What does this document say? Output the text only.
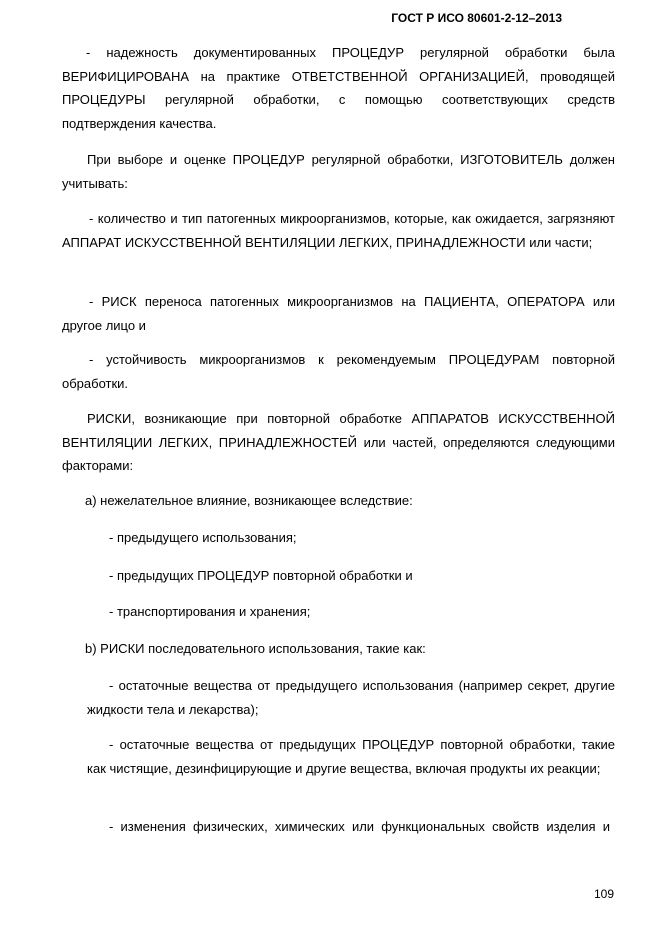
ГОСТ Р ИСО 80601-2-12–2013
- надежность документированных ПРОЦЕДУР регулярной обработки была ВЕРИФИЦИРОВАНА на практике ОТВЕТСТВЕННОЙ ОРГАНИЗАЦИЕЙ, проводящей ПРОЦЕДУРЫ регулярной обработки, с помощью соответствующих средств подтверждения качества.
При выборе и оценке ПРОЦЕДУР регулярной обработки, ИЗГОТОВИТЕЛЬ должен учитывать:
- количество и тип патогенных микроорганизмов, которые, как ожидается, загрязняют АППАРАТ ИСКУССТВЕННОЙ ВЕНТИЛЯЦИИ ЛЕГКИХ, ПРИНАДЛЕЖНОСТИ или части;
- РИСК переноса патогенных микроорганизмов на ПАЦИЕНТА, ОПЕРАТОРА или другое лицо и
- устойчивость микроорганизмов к рекомендуемым ПРОЦЕДУРАМ повторной обработки.
РИСКИ, возникающие при повторной обработке АППАРАТОВ ИСКУССТВЕННОЙ ВЕНТИЛЯЦИИ ЛЕГКИХ, ПРИНАДЛЕЖНОСТЕЙ или частей, определяются следующими факторами:
a) нежелательное влияние, возникающее вследствие:
- предыдущего использования;
- предыдущих ПРОЦЕДУР повторной обработки и
- транспортирования и хранения;
b) РИСКИ последовательного использования, такие как:
- остаточные вещества от предыдущего использования (например секрет, другие жидкости тела и лекарства);
- остаточные вещества от предыдущих ПРОЦЕДУР повторной обработки, такие как чистящие, дезинфицирующие и другие вещества, включая продукты их реакции;
- изменения физических, химических или функциональных свойств изделия и
109
